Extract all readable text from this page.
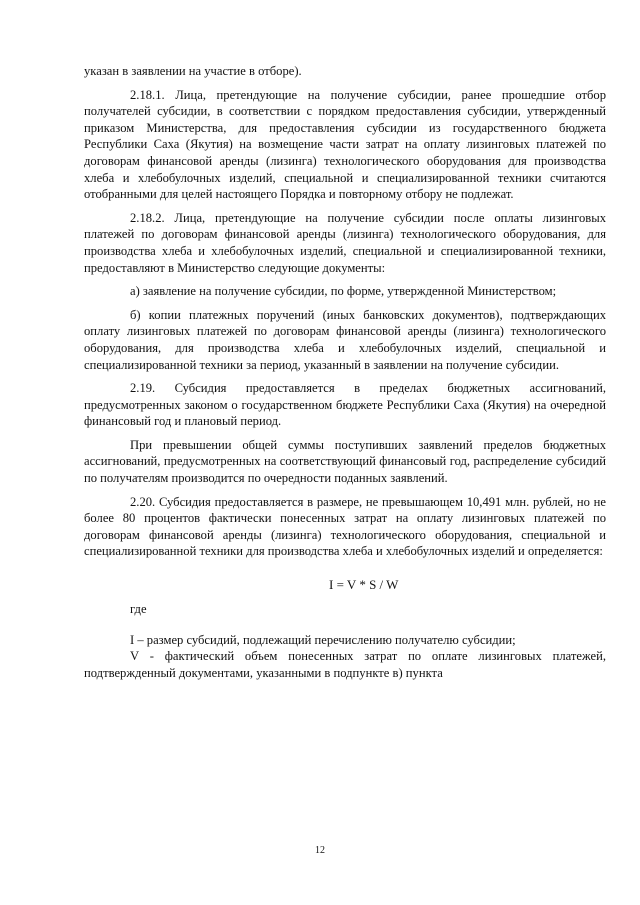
указан в заявлении на участие в отборе).

2.18.1. Лица, претендующие на получение субсидии, ранее прошедшие отбор получателей субсидии, в соответствии с порядком предоставления субсидии, утвержденный приказом Министерства, для предоставления субсидии из государственного бюджета Республики Саха (Якутия) на возмещение части затрат на оплату лизинговых платежей по договорам финансовой аренды (лизинга) технологического оборудования для производства хлеба и хлебобулочных изделий, специальной и специализированной техники считаются отобранными для целей настоящего Порядка и повторному отбору не подлежат.

2.18.2. Лица, претендующие на получение субсидии после оплаты лизинговых платежей по договорам финансовой аренды (лизинга) технологического оборудования, для производства хлеба и хлебобулочных изделий, специальной и специализированной техники, предоставляют в Министерство следующие документы:

а) заявление на получение субсидии, по форме, утвержденной Министерством;

б) копии платежных поручений (иных банковских документов), подтверждающих оплату лизинговых платежей по договорам финансовой аренды (лизинга) технологического оборудования, для производства хлеба и хлебобулочных изделий, специальной и специализированной техники за период, указанный в заявлении на получение субсидии.

2.19. Субсидия предоставляется в пределах бюджетных ассигнований, предусмотренных законом о государственном бюджете Республики Саха (Якутия) на очередной финансовый год и плановый период.

При превышении общей суммы поступивших заявлений пределов бюджетных ассигнований, предусмотренных на соответствующий финансовый год, распределение субсидий по получателям производится по очередности поданных заявлений.

2.20. Субсидия предоставляется в размере, не превышающем 10,491 млн. рублей, но не более 80 процентов фактически понесенных затрат на оплату лизинговых платежей по договорам финансовой аренды (лизинга) технологического оборудования, специальной и специализированной техники для производства хлеба и хлебобулочных изделий и определяется:

I = V * S / W
где

I – размер субсидий, подлежащий перечислению получателю субсидии;

V - фактический объем понесенных затрат по оплате лизинговых платежей, подтвержденный документами, указанными в подпункте в) пункта

12
